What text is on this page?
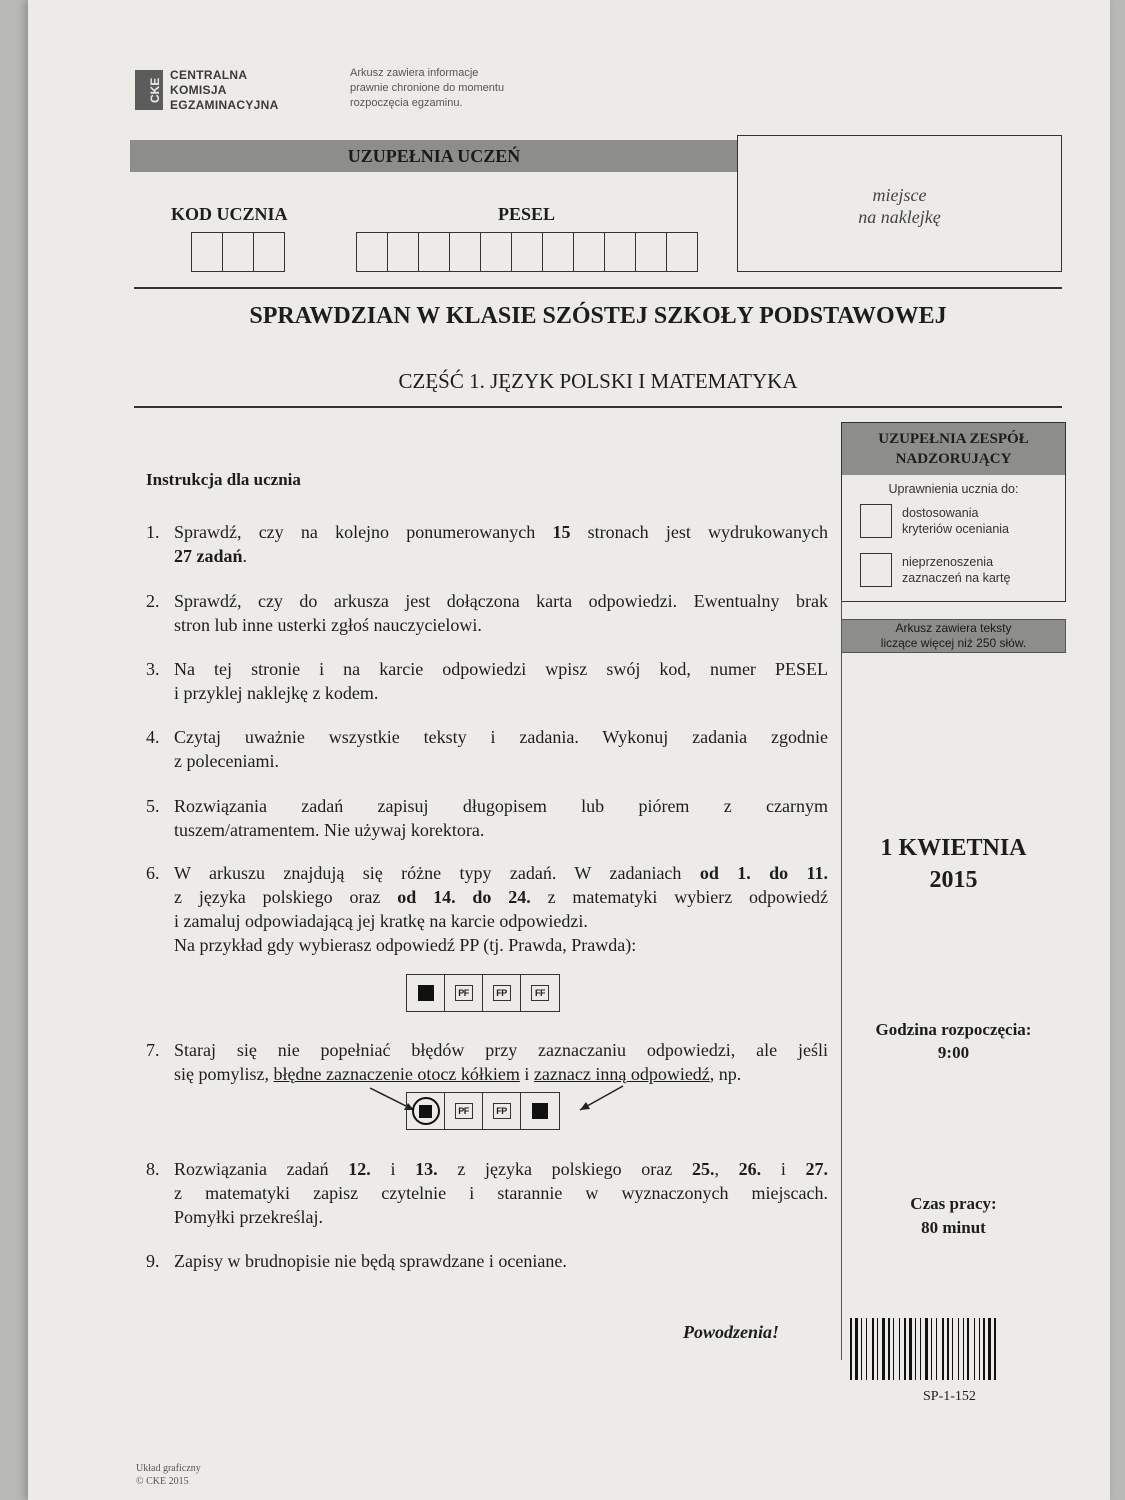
CKE
CENTRALNA
KOMISJA
EGZAMINACYJNA
Arkusz zawiera informacje
prawnie chronione do momentu
rozpoczęcia egzaminu.
UZUPEŁNIA UCZEŃ
KOD UCZNIA	PESEL
miejsce
na naklejkę
SPRAWDZIAN W KLASIE SZÓSTEJ SZKOŁY PODSTAWOWEJ
CZĘŚĆ 1. JĘZYK POLSKI I MATEMATYKA
UZUPEŁNIA ZESPÓŁ
NADZORUJĄCY
Uprawnienia ucznia do:
dostosowania
kryteriów oceniania
nieprzenoszenia
zaznaczeń na kartę
Arkusz zawiera teksty
liczące więcej niż 250 słów.
1 KWIETNIA
2015
Godzina rozpoczęcia:
9:00
Czas pracy:
80 minut
Instrukcja dla ucznia
1. Sprawdź, czy na kolejno ponumerowanych 15 stronach jest wydrukowanych
27 zadań.
2. Sprawdź, czy do arkusza jest dołączona karta odpowiedzi. Ewentualny brak
stron lub inne usterki zgłoś nauczycielowi.
3. Na tej stronie i na karcie odpowiedzi wpisz swój kod, numer PESEL
i przyklej naklejkę z kodem.
4. Czytaj uważnie wszystkie teksty i zadania. Wykonuj zadania zgodnie
z poleceniami.
5. Rozwiązania zadań zapisuj długopisem lub piórem z czarnym
tuszem/atramentem. Nie używaj korektora.
6. W arkuszu znajdują się różne typy zadań. W zadaniach od 1. do 11.
z języka polskiego oraz od 14. do 24. z matematyki wybierz odpowiedź
i zamaluj odpowiadającą jej kratkę na karcie odpowiedzi.
Na przykład gdy wybierasz odpowiedź PP (tj. Prawda, Prawda):
PF	FP	FF
7. Staraj się nie popełniać błędów przy zaznaczaniu odpowiedzi, ale jeśli
się pomylisz, błędne zaznaczenie otocz kółkiem i zaznacz inną odpowiedź, np.
PF	FP
8. Rozwiązania zadań 12. i 13. z języka polskiego oraz 25., 26. i 27.
z matematyki zapisz czytelnie i starannie w wyznaczonych miejscach.
Pomyłki przekreślaj.
9. Zapisy w brudnopisie nie będą sprawdzane i oceniane.
Powodzenia!
SP-1-152
Układ graficzny
© CKE 2015
